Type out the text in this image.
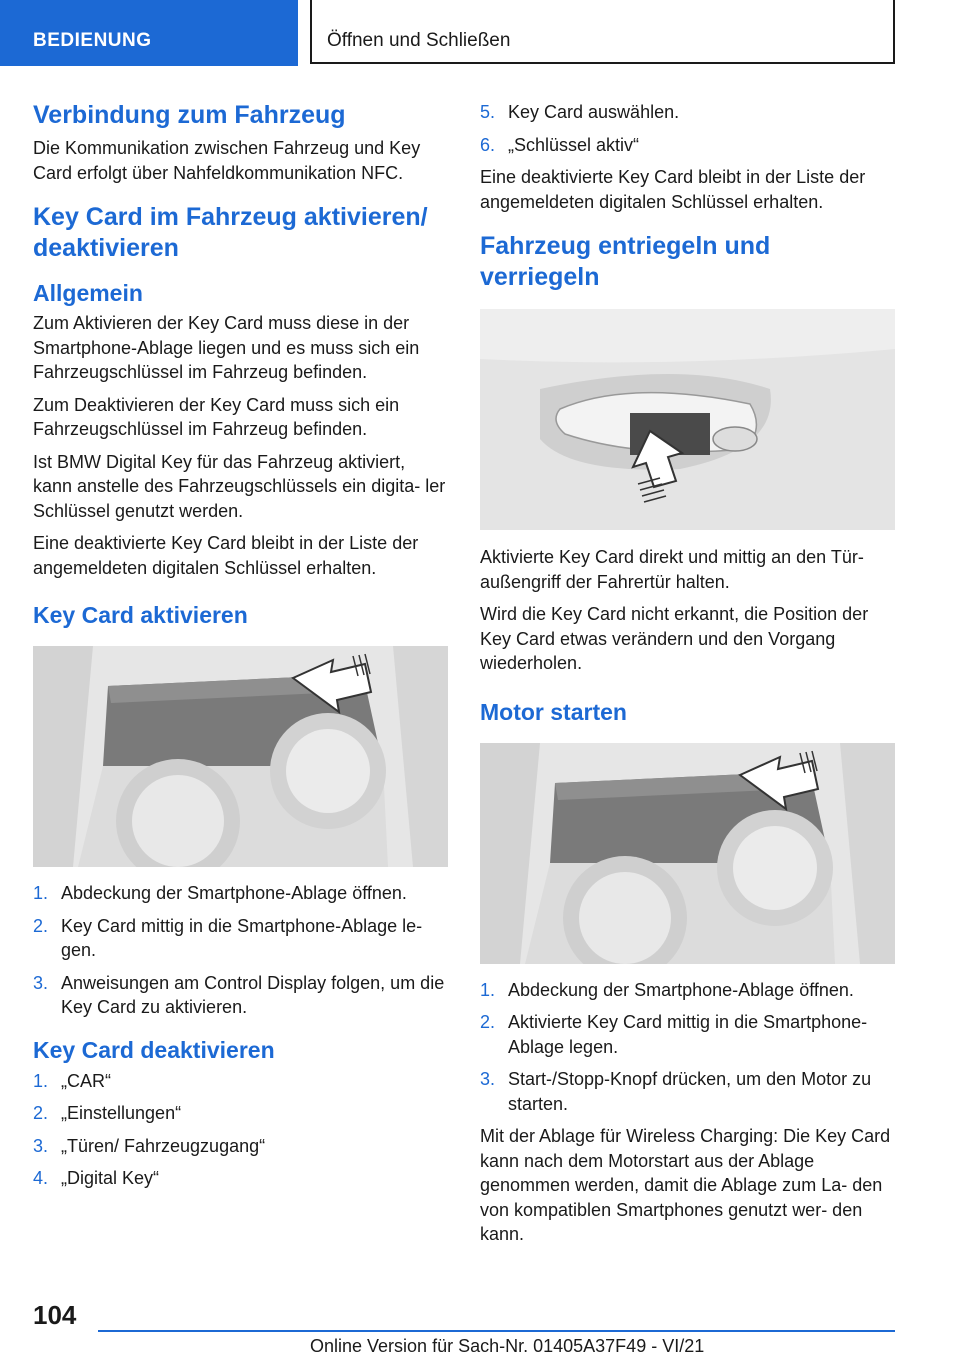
BEDIENUNG	Öffnen und Schließen
Verbindung zum Fahrzeug

Die Kommunikation zwischen Fahrzeug und Key Card erfolgt über Nahfeldkommunikation NFC.

Key Card im Fahrzeug aktivieren/ deaktivieren
Allgemein

Zum Aktivieren der Key Card muss diese in der Smartphone-Ablage liegen und es muss sich ein Fahrzeugschlüssel im Fahrzeug befinden.

Zum Deaktivieren der Key Card muss sich ein Fahrzeugschlüssel im Fahrzeug befinden.

Ist BMW Digital Key für das Fahrzeug aktiviert, kann anstelle des Fahrzeugschlüssels ein digita‐ ler Schlüssel genutzt werden.

Eine deaktivierte Key Card bleibt in der Liste der angemeldeten digitalen Schlüssel erhalten.

Key Card aktivieren
1. Abdeckung der Smartphone-Ablage öffnen.
2. Key Card mittig in die Smartphone-Ablage le‐ gen.
3. Anweisungen am Control Display folgen, um die Key Card zu aktivieren.
Key Card deaktivieren
1. „CAR“
2. „Einstellungen“
3. „Türen/ Fahrzeugzugang“
4. „Digital Key“
5. Key Card auswählen.
6. „Schlüssel aktiv“

Eine deaktivierte Key Card bleibt in der Liste der angemeldeten digitalen Schlüssel erhalten.

Fahrzeug entriegeln und verriegeln

Aktivierte Key Card direkt und mittig an den Tür‐ außengriff der Fahrertür halten.

Wird die Key Card nicht erkannt, die Position der Key Card etwas verändern und den Vorgang wiederholen.

Motor starten
1. Abdeckung der Smartphone-Ablage öffnen.
2. Aktivierte Key Card mittig in die Smartphone- Ablage legen.
3. Start-/Stopp-Knopf drücken, um den Motor zu starten.

Mit der Ablage für Wireless Charging: Die Key Card kann nach dem Motorstart aus der Ablage genommen werden, damit die Ablage zum La‐ den von kompatiblen Smartphones genutzt wer‐ den kann.

104
Online Version für Sach-Nr. 01405A37F49 - VI/21
